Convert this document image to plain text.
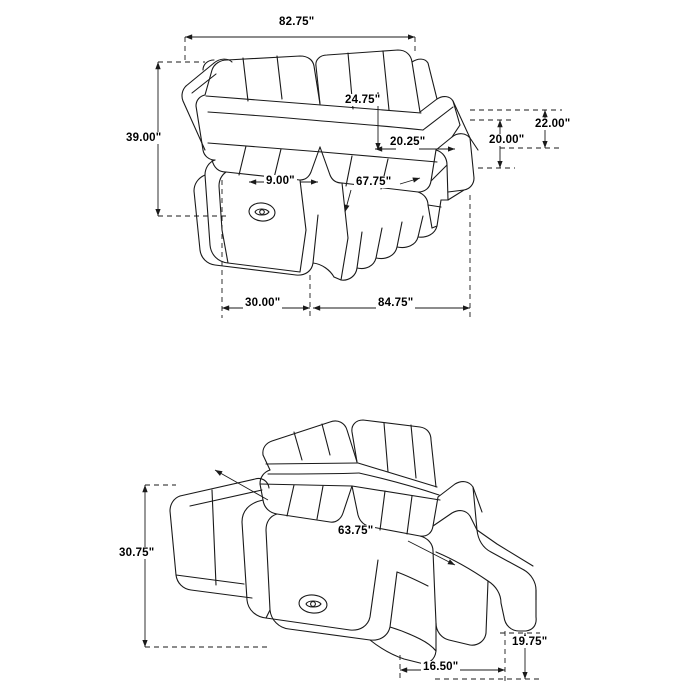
82.75"
39.00"
24.75"
20.25"
9.00"	67.75"
20.00"
22.00"
30.00"	84.75"
30.75"
63.75"
19.75"
16.50"
